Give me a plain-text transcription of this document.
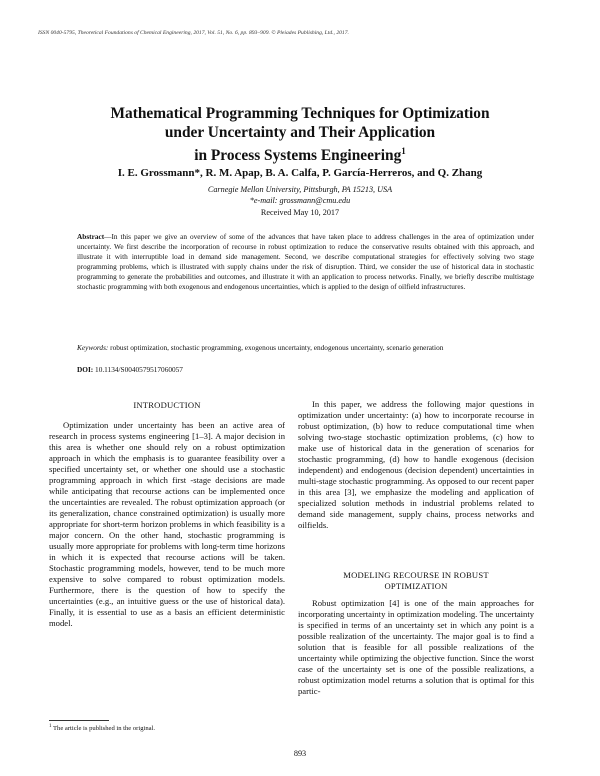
ISSN 0040-5795, Theoretical Foundations of Chemical Engineering, 2017, Vol. 51, No. 6, pp. 893–909. © Pleiades Publishing, Ltd., 2017.
Mathematical Programming Techniques for Optimization
under Uncertainty and Their Application
in Process Systems Engineering$^1$
I. E. Grossmann*, R. M. Apap, B. A. Calfa, P. García-Herreros, and Q. Zhang
Carnegie Mellon University, Pittsburgh, PA 15213, USA
*e-mail: grossmann@cmu.edu
Received May 10, 2017
Abstract—In this paper we give an overview of some of the advances that have taken place to address challenges in the area of optimization under uncertainty. We first describe the incorporation of recourse in robust optimization to reduce the conservative results obtained with this approach, and illustrate it with interruptible load in demand side management. Second, we describe computational strategies for effectively solving two stage programming problems, which is illustrated with supply chains under the risk of disruption. Third, we consider the use of historical data in stochastic programming to generate the probabilities and outcomes, and illustrate it with an application to process networks. Finally, we briefly describe multistage stochastic programming with both exogenous and endogenous uncertainties, which is applied to the design of oilfield infrastructures.
Keywords: robust optimization, stochastic programming, exogenous uncertainty, endogenous uncertainty, scenario generation
DOI: 10.1134/S0040579517060057
INTRODUCTION

Optimization under uncertainty has been an active area of research in process systems engineering [1–3]. A major decision in this area is whether one should rely on a robust optimization approach in which the emphasis is to guarantee feasibility over a specified uncertainty set, or whether one should use a stochastic programming approach in which first -stage decisions are made while anticipating that recourse actions can be implemented once the uncertainties are revealed. The robust optimization approach (or its generalization, chance constrained optimization) is usually more appropriate for short-term horizon problems in which feasibility is a major concern. On the other hand, stochastic programming is usually more appropriate for problems with long-term time horizons in which it is expected that recourse actions will be taken. Stochastic programming models, however, tend to be much more expensive to solve compared to robust optimization models. Furthermore, there is the question of how to specify the uncertainties (e.g., an intuitive guess or the use of historical data). Finally, it is essential to use as a basis an efficient deterministic model.

In this paper, we address the following major questions in optimization under uncertainty: (a) how to incorporate recourse in robust optimization, (b) how to reduce computational time when solving two-stage stochastic optimization problems, (c) how to make use of historical data in the generation of scenarios for stochastic programming, (d) how to handle exogenous (decision independent) and endogenous (decision dependent) uncertainties in multi-stage stochastic programming. As opposed to our recent paper in this area [3], we emphasize the modeling and application of specialized solution methods in industrial problems related to demand side management, supply chains, process networks and oilfields.

MODELING RECOURSE IN ROBUST
OPTIMIZATION

Robust optimization [4] is one of the main approaches for incorporating uncertainty in optimization modeling. The uncertainty is specified in terms of an uncertainty set in which any point is a possible realization of the uncertainty. The major goal is to find a solution that is feasible for all possible realizations of the uncertainty while optimizing the objective function. Since the worst case of the uncertainty set is one of the possible realizations, a robust optimization model returns a solution that is optimal for this partic-

$^1$ The article is published in the original.
893
